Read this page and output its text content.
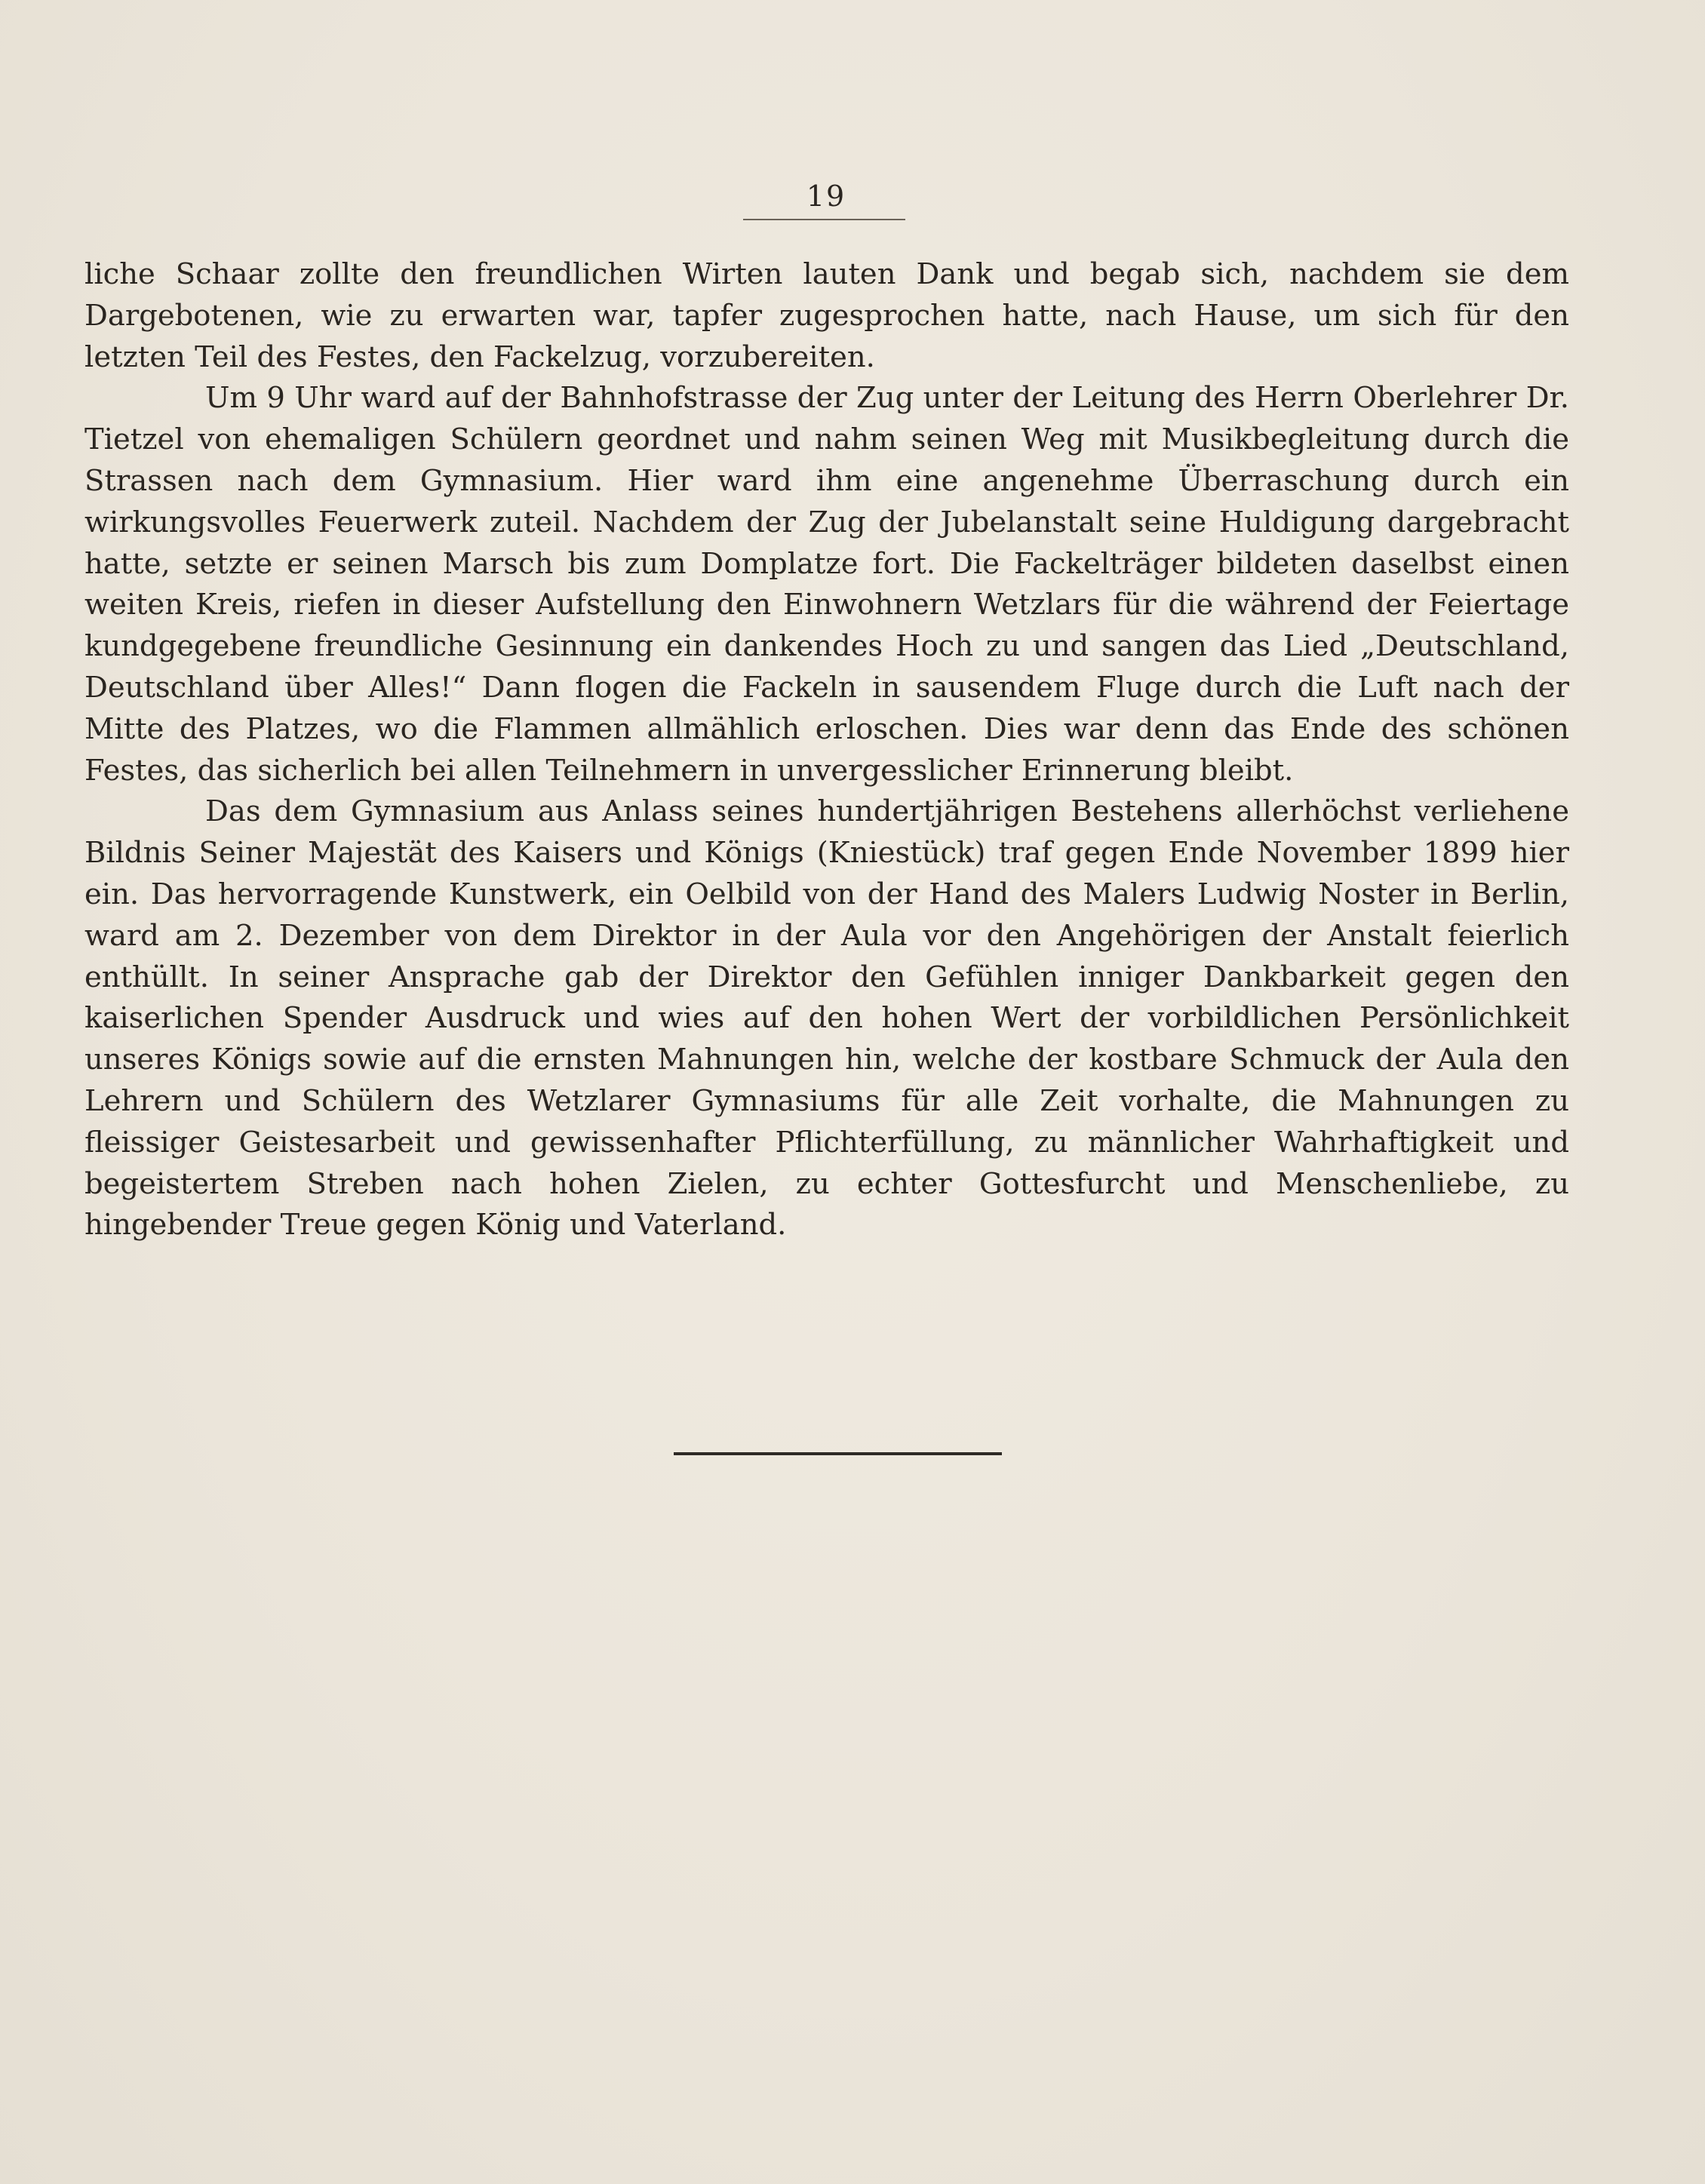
19

liche Schaar zollte den freundlichen Wirten lauten Dank und begab sich, nachdem sie dem Dargebotenen, wie zu erwarten war, tapfer zugesprochen hatte, nach Hause, um sich für den letzten Teil des Festes, den Fackelzug, vorzubereiten.

Um 9 Uhr ward auf der Bahnhofstrasse der Zug unter der Leitung des Herrn Oberlehrer Dr. Tietzel von ehemaligen Schülern geordnet und nahm seinen Weg mit Musikbegleitung durch die Strassen nach dem Gymnasium. Hier ward ihm eine angenehme Überraschung durch ein wirkungsvolles Feuerwerk zuteil. Nachdem der Zug der Jubelanstalt seine Huldigung dargebracht hatte, setzte er seinen Marsch bis zum Domplatze fort. Die Fackelträger bildeten daselbst einen weiten Kreis, riefen in dieser Aufstellung den Einwohnern Wetzlars für die während der Feiertage kundgegebene freundliche Gesinnung ein dankendes Hoch zu und sangen das Lied „Deutschland, Deutschland über Alles!“ Dann flogen die Fackeln in sausendem Fluge durch die Luft nach der Mitte des Platzes, wo die Flammen allmählich erloschen. Dies war denn das Ende des schönen Festes, das sicherlich bei allen Teilnehmern in unvergesslicher Erinnerung bleibt.

Das dem Gymnasium aus Anlass seines hundertjährigen Bestehens allerhöchst verliehene Bildnis Seiner Majestät des Kaisers und Königs (Kniestück) traf gegen Ende November 1899 hier ein. Das hervorragende Kunstwerk, ein Oelbild von der Hand des Malers Ludwig Noster in Berlin, ward am 2. Dezember von dem Direktor in der Aula vor den Angehörigen der Anstalt feierlich enthüllt. In seiner Ansprache gab der Direktor den Gefühlen inniger Dankbarkeit gegen den kaiserlichen Spender Ausdruck und wies auf den hohen Wert der vorbildlichen Persönlichkeit unseres Königs sowie auf die ernsten Mahnungen hin, welche der kostbare Schmuck der Aula den Lehrern und Schülern des Wetzlarer Gymnasiums für alle Zeit vorhalte, die Mahnungen zu fleissiger Geistesarbeit und gewissenhafter Pflichterfüllung, zu männlicher Wahrhaftigkeit und begeistertem Streben nach hohen Zielen, zu echter Gottesfurcht und Menschenliebe, zu hingebender Treue gegen König und Vaterland.
